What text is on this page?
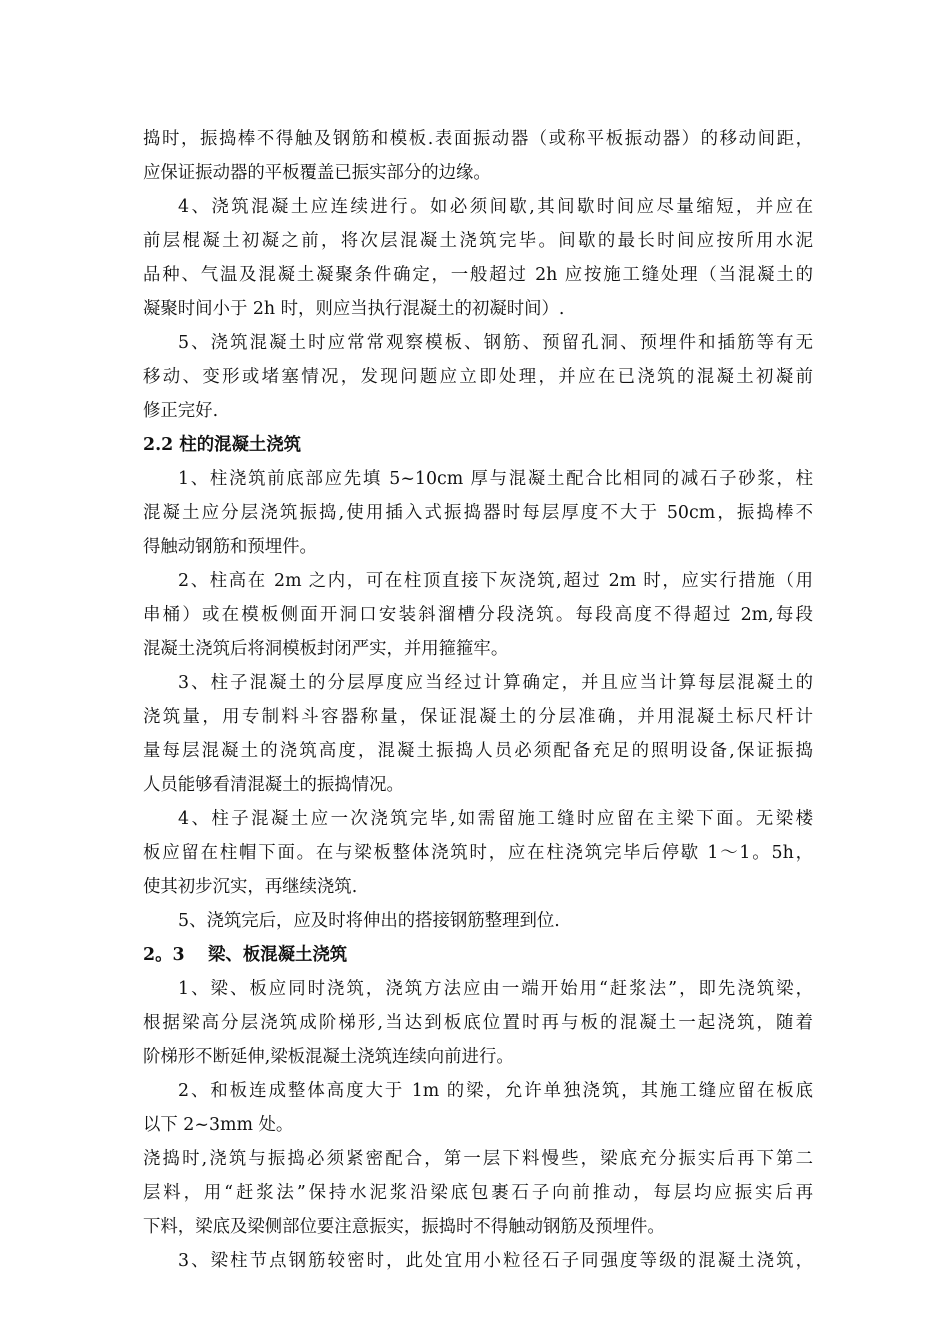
捣时，振捣棒不得触及钢筋和模板.表面振动器（或称平板振动器）的移动间距，

应保证振动器的平板覆盖已振实部分的边缘。

4、浇筑混凝土应连续进行。如必须间歇,其间歇时间应尽量缩短，并应在

前层棍凝土初凝之前，将次层混凝土浇筑完毕。间歇的最长时间应按所用水泥

品种、气温及混凝土凝聚条件确定，一般超过 2h 应按施工缝处理（当混凝土的

凝聚时间小于 2h 时，则应当执行混凝土的初凝时间）.

5、浇筑混凝土时应常常观察模板、钢筋、预留孔洞、预埋件和插筋等有无

移动、变形或堵塞情况，发现问题应立即处理，并应在已浇筑的混凝土初凝前

修正完好.

2.2 柱的混凝土浇筑

1、柱浇筑前底部应先填 5~10cm 厚与混凝土配合比相同的减石子砂浆，柱

混凝土应分层浇筑振捣,使用插入式振捣器时每层厚度不大于 50cm，振捣棒不

得触动钢筋和预埋件。

2、柱高在 2m 之内，可在柱顶直接下灰浇筑,超过 2m 时，应实行措施（用

串桶）或在模板侧面开洞口安装斜溜槽分段浇筑。每段高度不得超过 2m,每段

混凝土浇筑后将洞模板封闭严实，并用箍箍牢。

3、柱子混凝土的分层厚度应当经过计算确定，并且应当计算每层混凝土的

浇筑量，用专制料斗容器称量，保证混凝土的分层准确，并用混凝土标尺杆计

量每层混凝土的浇筑高度，混凝土振捣人员必须配备充足的照明设备,保证振捣

人员能够看清混凝土的振捣情况。

4、柱子混凝土应一次浇筑完毕,如需留施工缝时应留在主梁下面。无梁楼

板应留在柱帽下面。在与梁板整体浇筑时，应在柱浇筑完毕后停歇 1～1。5h，

使其初步沉实，再继续浇筑.

5、浇筑完后，应及时将伸出的搭接钢筋整理到位.

2。3　 梁、板混凝土浇筑

1、梁、板应同时浇筑，浇筑方法应由一端开始用“赶浆法”，即先浇筑梁，

根据梁高分层浇筑成阶梯形,当达到板底位置时再与板的混凝土一起浇筑，随着

阶梯形不断延伸,梁板混凝土浇筑连续向前进行。

2、和板连成整体高度大于 1m 的梁，允许单独浇筑，其施工缝应留在板底

以下 2~3mm 处。

浇捣时,浇筑与振捣必须紧密配合，第一层下料慢些，梁底充分振实后再下第二

层料，用“赶浆法”保持水泥浆沿梁底包裹石子向前推动，每层均应振实后再

下料，梁底及梁侧部位要注意振实，振捣时不得触动钢筋及预埋件。

3、梁柱节点钢筋较密时，此处宜用小粒径石子同强度等级的混凝土浇筑，
